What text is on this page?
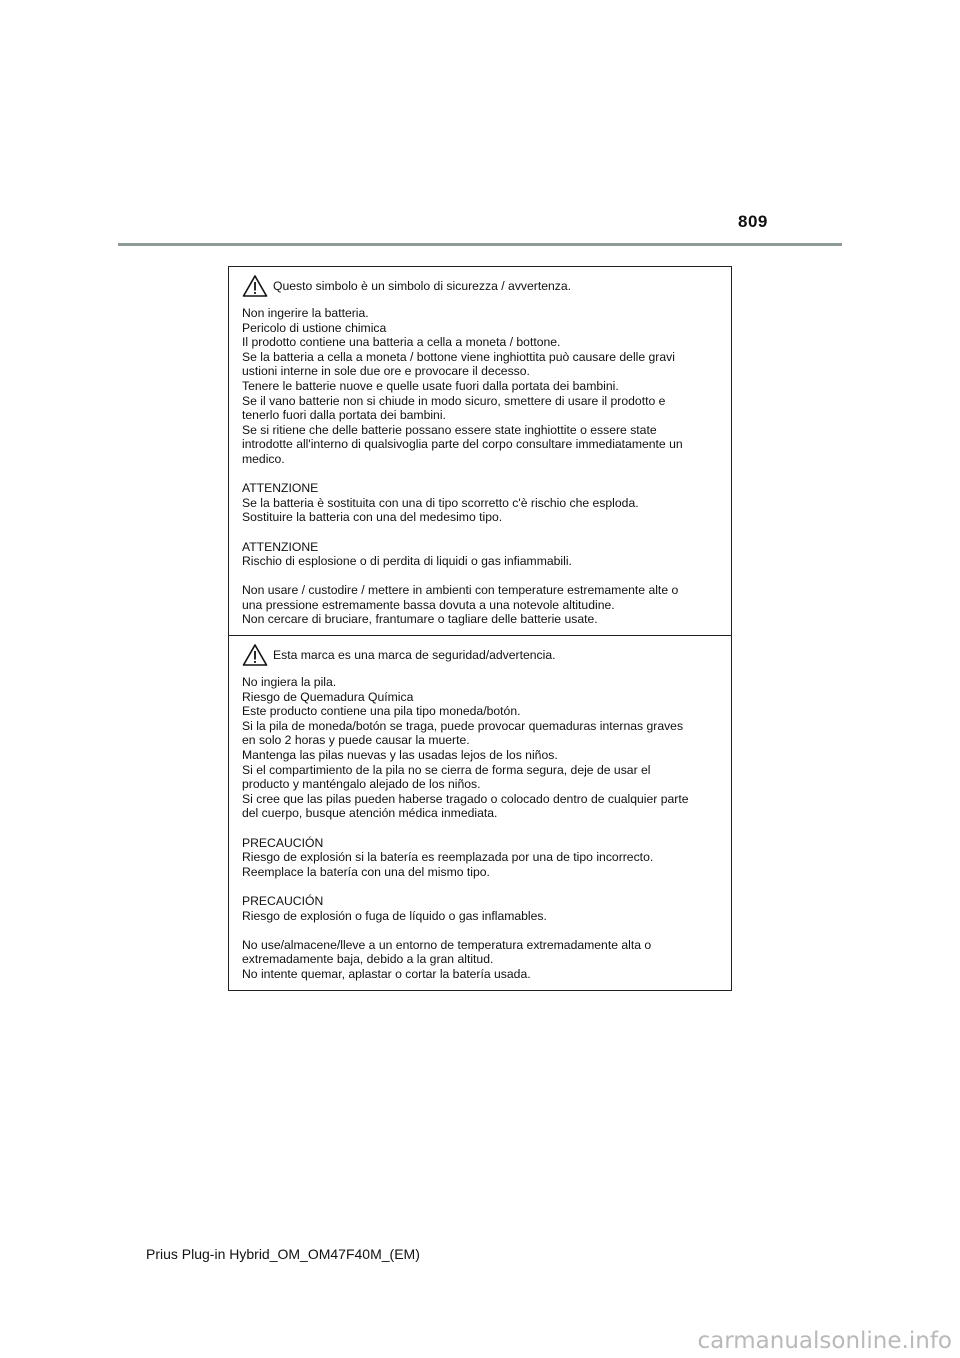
809
Questo simbolo è un simbolo di sicurezza / avvertenza.
Non ingerire la batteria.
Pericolo di ustione chimica
Il prodotto contiene una batteria a cella a moneta / bottone.
Se la batteria a cella a moneta / bottone viene inghiottita può causare delle gravi
ustioni interne in sole due ore e provocare il decesso.
Tenere le batterie nuove e quelle usate fuori dalla portata dei bambini.
Se il vano batterie non si chiude in modo sicuro, smettere di usare il prodotto e
tenerlo fuori dalla portata dei bambini.
Se si ritiene che delle batterie possano essere state inghiottite o essere state
introdotte all'interno di qualsivoglia parte del corpo consultare immediatamente un
medico.
ATTENZIONE
Se la batteria è sostituita con una di tipo scorretto c'è rischio che esploda.
Sostituire la batteria con una del medesimo tipo.
ATTENZIONE
Rischio di esplosione o di perdita di liquidi o gas infiammabili.
Non usare / custodire / mettere in ambienti con temperature estremamente alte o
una pressione estremamente bassa dovuta a una notevole altitudine.
Non cercare di bruciare, frantumare o tagliare delle batterie usate.
Esta marca es una marca de seguridad/advertencia.
No ingiera la pila.
Riesgo de Quemadura Química
Este producto contiene una pila tipo moneda/botón.
Si la pila de moneda/botón se traga, puede provocar quemaduras internas graves
en solo 2 horas y puede causar la muerte.
Mantenga las pilas nuevas y las usadas lejos de los niños.
Si el compartimiento de la pila no se cierra de forma segura, deje de usar el
producto y manténgalo alejado de los niños.
Si cree que las pilas pueden haberse tragado o colocado dentro de cualquier parte
del cuerpo, busque atención médica inmediata.
PRECAUCIÓN
Riesgo de explosión si la batería es reemplazada por una de tipo incorrecto.
Reemplace la batería con una del mismo tipo.
PRECAUCIÓN
Riesgo de explosión o fuga de líquido o gas inflamables.
No use/almacene/lleve a un entorno de temperatura extremadamente alta o
extremadamente baja, debido a la gran altitud.
No intente quemar, aplastar o cortar la batería usada.
Prius Plug-in Hybrid_OM_OM47F40M_(EM)
carmanualsonline.info
